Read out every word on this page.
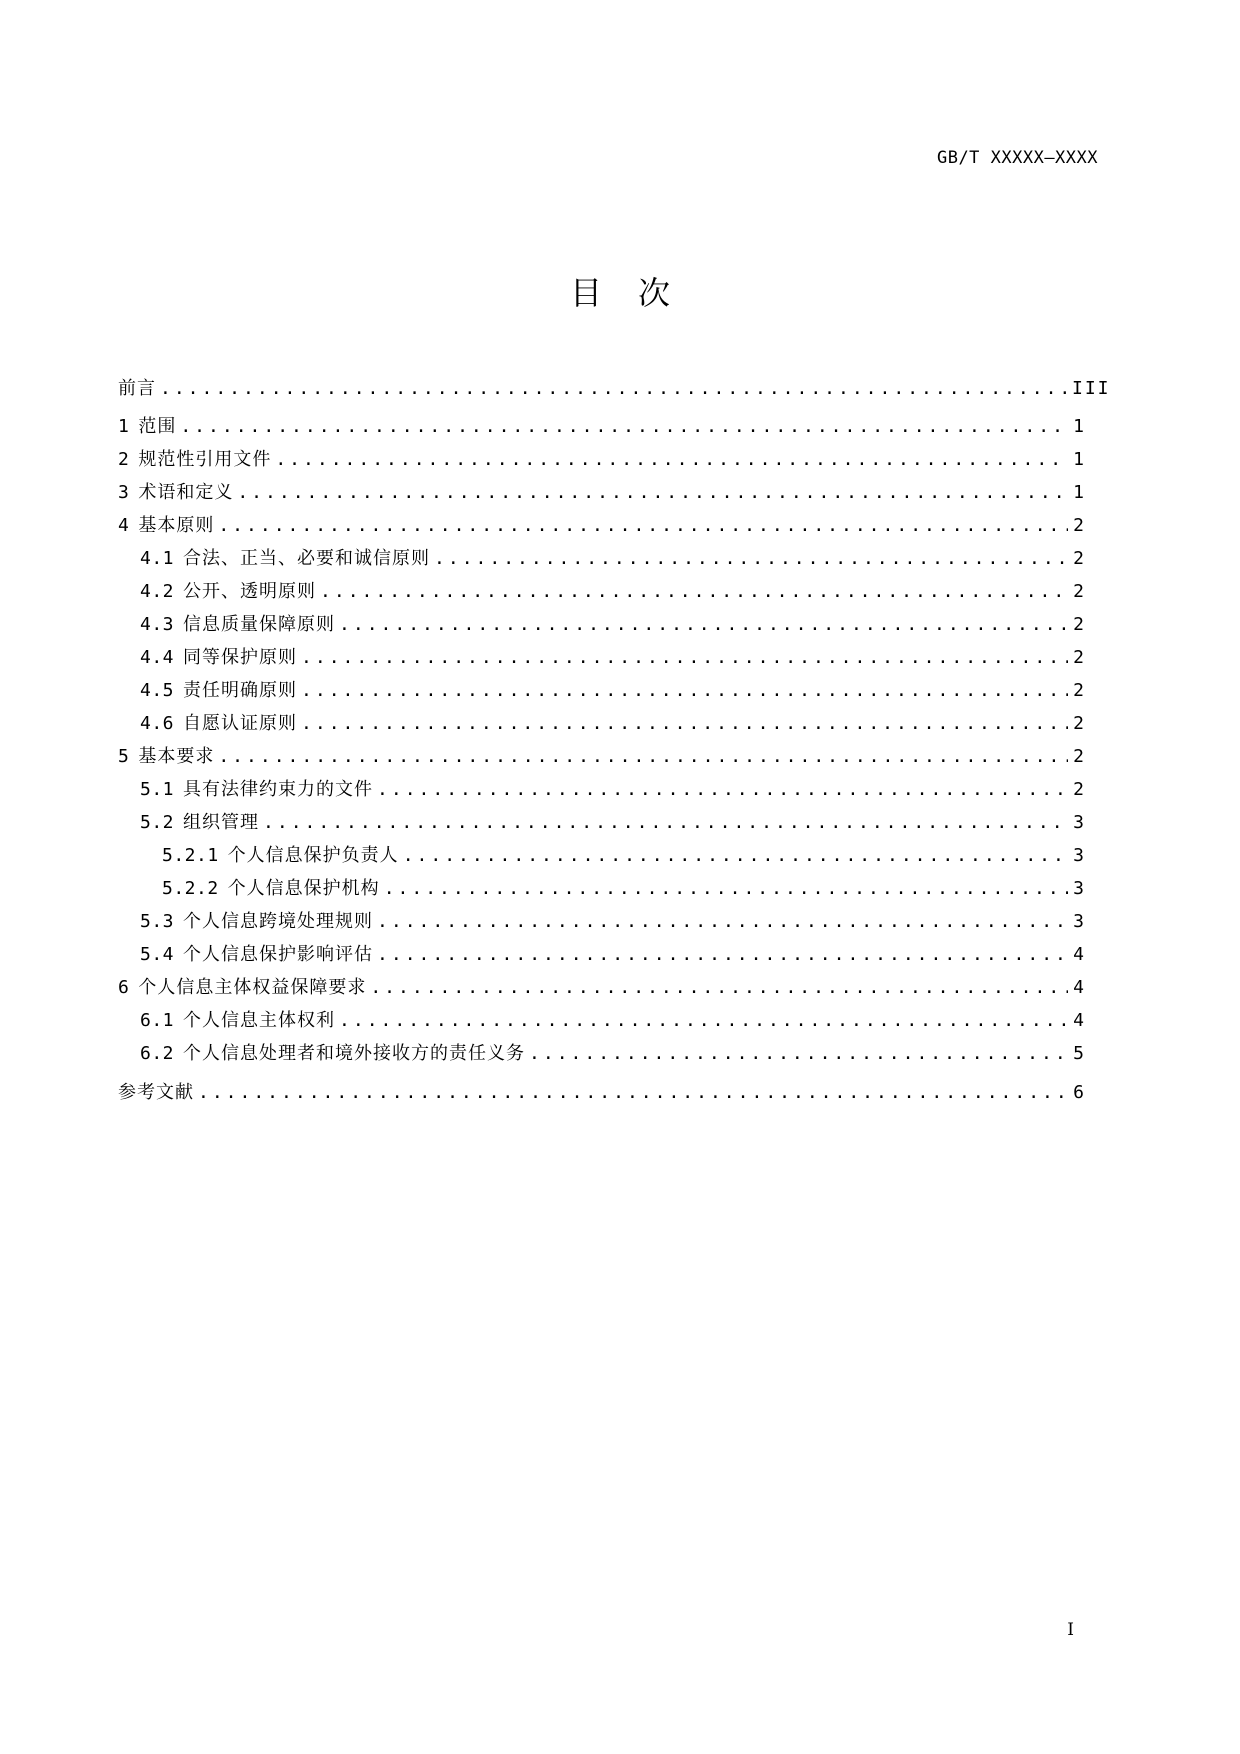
GB/T XXXXX—XXXX
目次
前言 .....	III
1 范围 .....	1
2 规范性引用文件 .....	1
3 术语和定义 .....	1
4 基本原则 .....	2
4.1 合法、正当、必要和诚信原则 .....	2
4.2 公开、透明原则 .....	2
4.3 信息质量保障原则 .....	2
4.4 同等保护原则 .....	2
4.5 责任明确原则 .....	2
4.6 自愿认证原则 .....	2
5 基本要求 .....	2
5.1 具有法律约束力的文件 .....	2
5.2 组织管理 .....	3
5.2.1 个人信息保护负责人 .....	3
5.2.2 个人信息保护机构 .....	3
5.3 个人信息跨境处理规则 .....	3
5.4 个人信息保护影响评估 .....	4
6 个人信息主体权益保障要求 .....	4
6.1 个人信息主体权利 .....	4
6.2 个人信息处理者和境外接收方的责任义务 .....	5
参考文献 .....	6
I
